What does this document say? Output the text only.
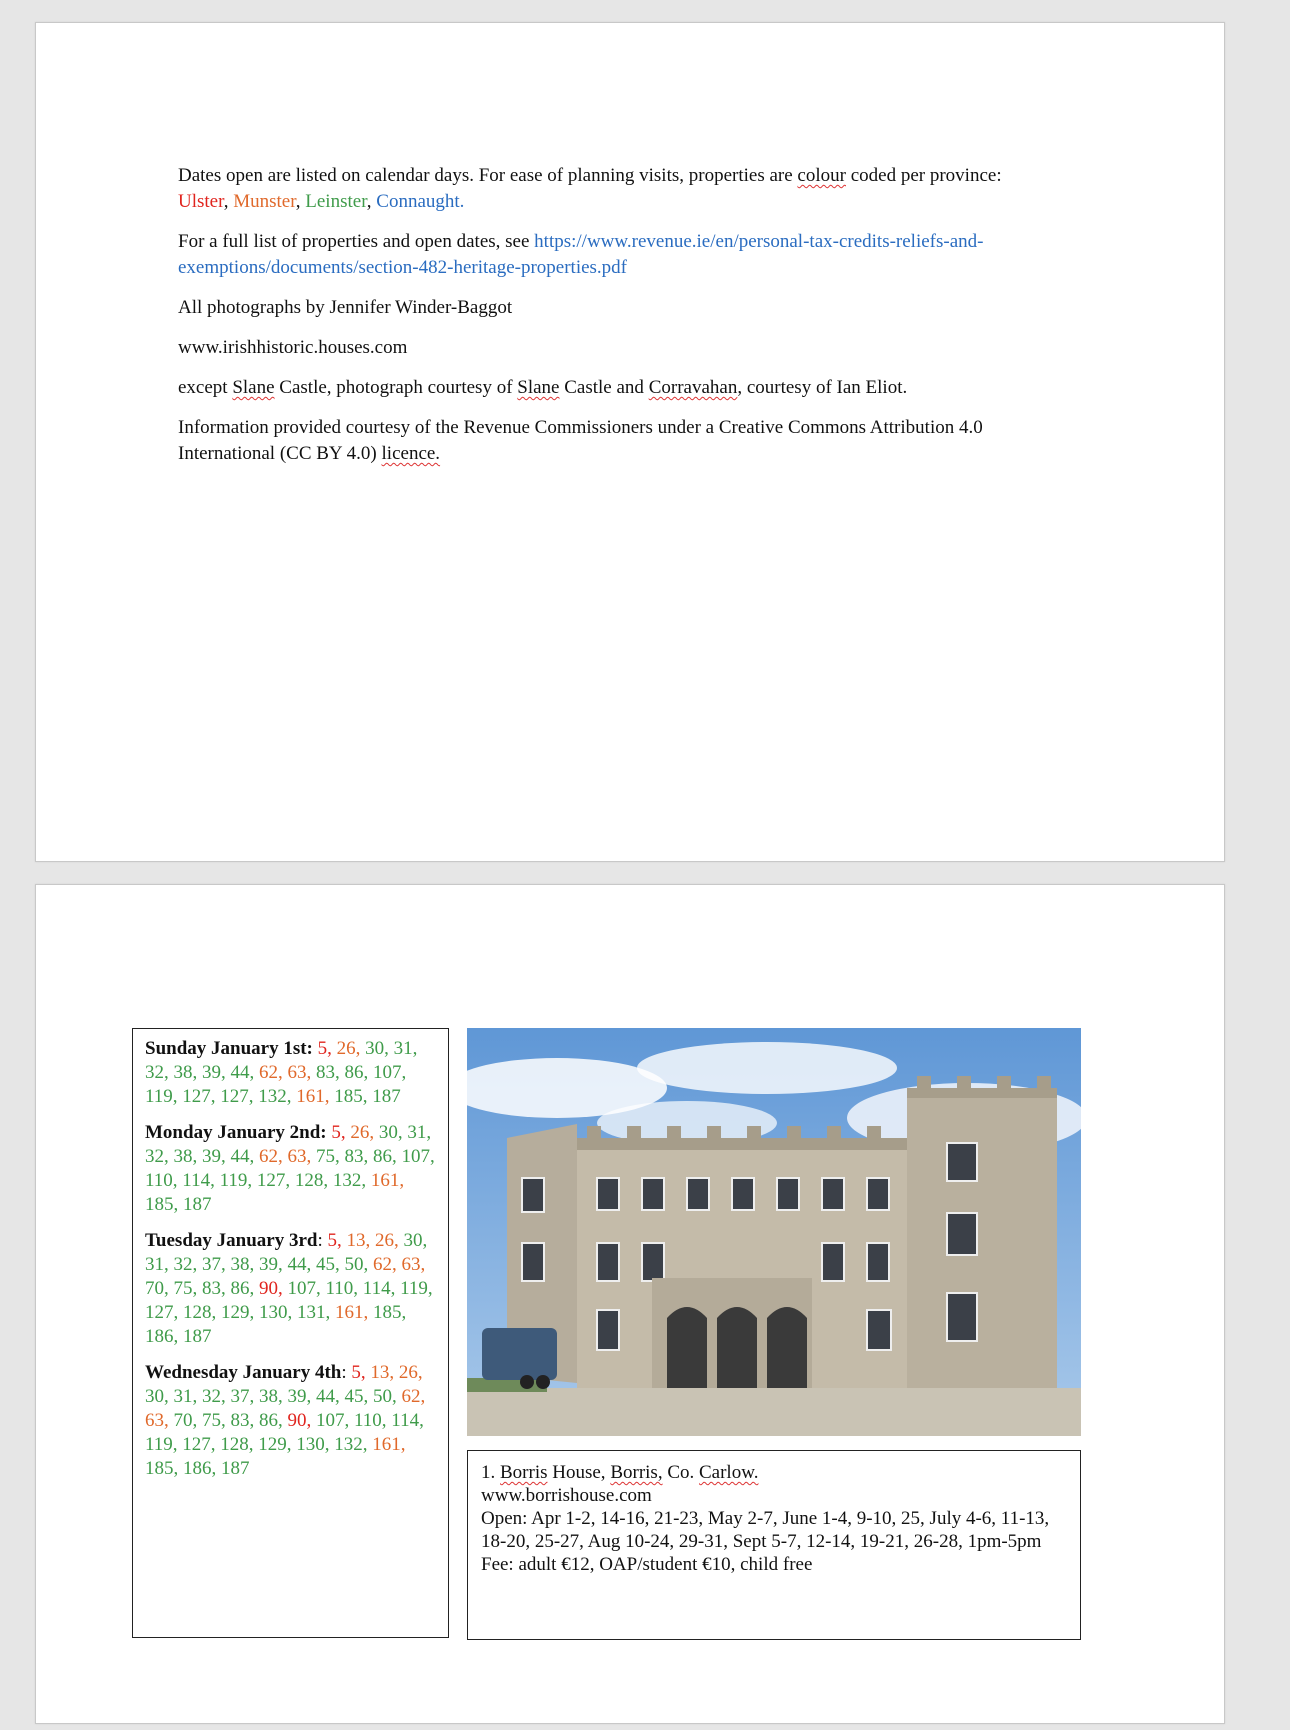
Dates open are listed on calendar days. For ease of planning visits, properties are colour coded per province:
Ulster, Munster, Leinster, Connaught.

For a full list of properties and open dates, see https://www.revenue.ie/en/personal-tax-credits-reliefs-and-exemptions/documents/section-482-heritage-properties.pdf

All photographs by Jennifer Winder-Baggot

www.irishhistoric.houses.com

except Slane Castle, photograph courtesy of Slane Castle and Corravahan, courtesy of Ian Eliot.

Information provided courtesy of the Revenue Commissioners under a Creative Commons Attribution 4.0 International (CC BY 4.0) licence.

Sunday January 1st: 5, 26, 30, 31, 32, 38, 39, 44, 62, 63, 83, 86, 107, 119, 127, 127, 132, 161, 185, 187
Monday January 2nd: 5, 26, 30, 31, 32, 38, 39, 44, 62, 63, 75, 83, 86, 107, 110, 114, 119, 127, 128, 132, 161, 185, 187
Tuesday January 3rd: 5, 13, 26, 30, 31, 32, 37, 38, 39, 44, 45, 50, 62, 63, 70, 75, 83, 86, 90, 107, 110, 114, 119, 127, 128, 129, 130, 131, 161, 185, 186, 187
Wednesday January 4th: 5, 13, 26, 30, 31, 32, 37, 38, 39, 44, 45, 50, 62, 63, 70, 75, 83, 86, 90, 107, 110, 114, 119, 127, 128, 129, 130, 132, 161, 185, 186, 187	1. Borris House, Borris, Co. Carlow.
www.borrishouse.com
Open: Apr 1-2, 14-16, 21-23, May 2-7, June 1-4, 9-10, 25, July 4-6, 11-13, 18-20, 25-27, Aug 10-24, 29-31, Sept 5-7, 12-14, 19-21, 26-28, 1pm-5pm
Fee: adult €12, OAP/student €10, child free
